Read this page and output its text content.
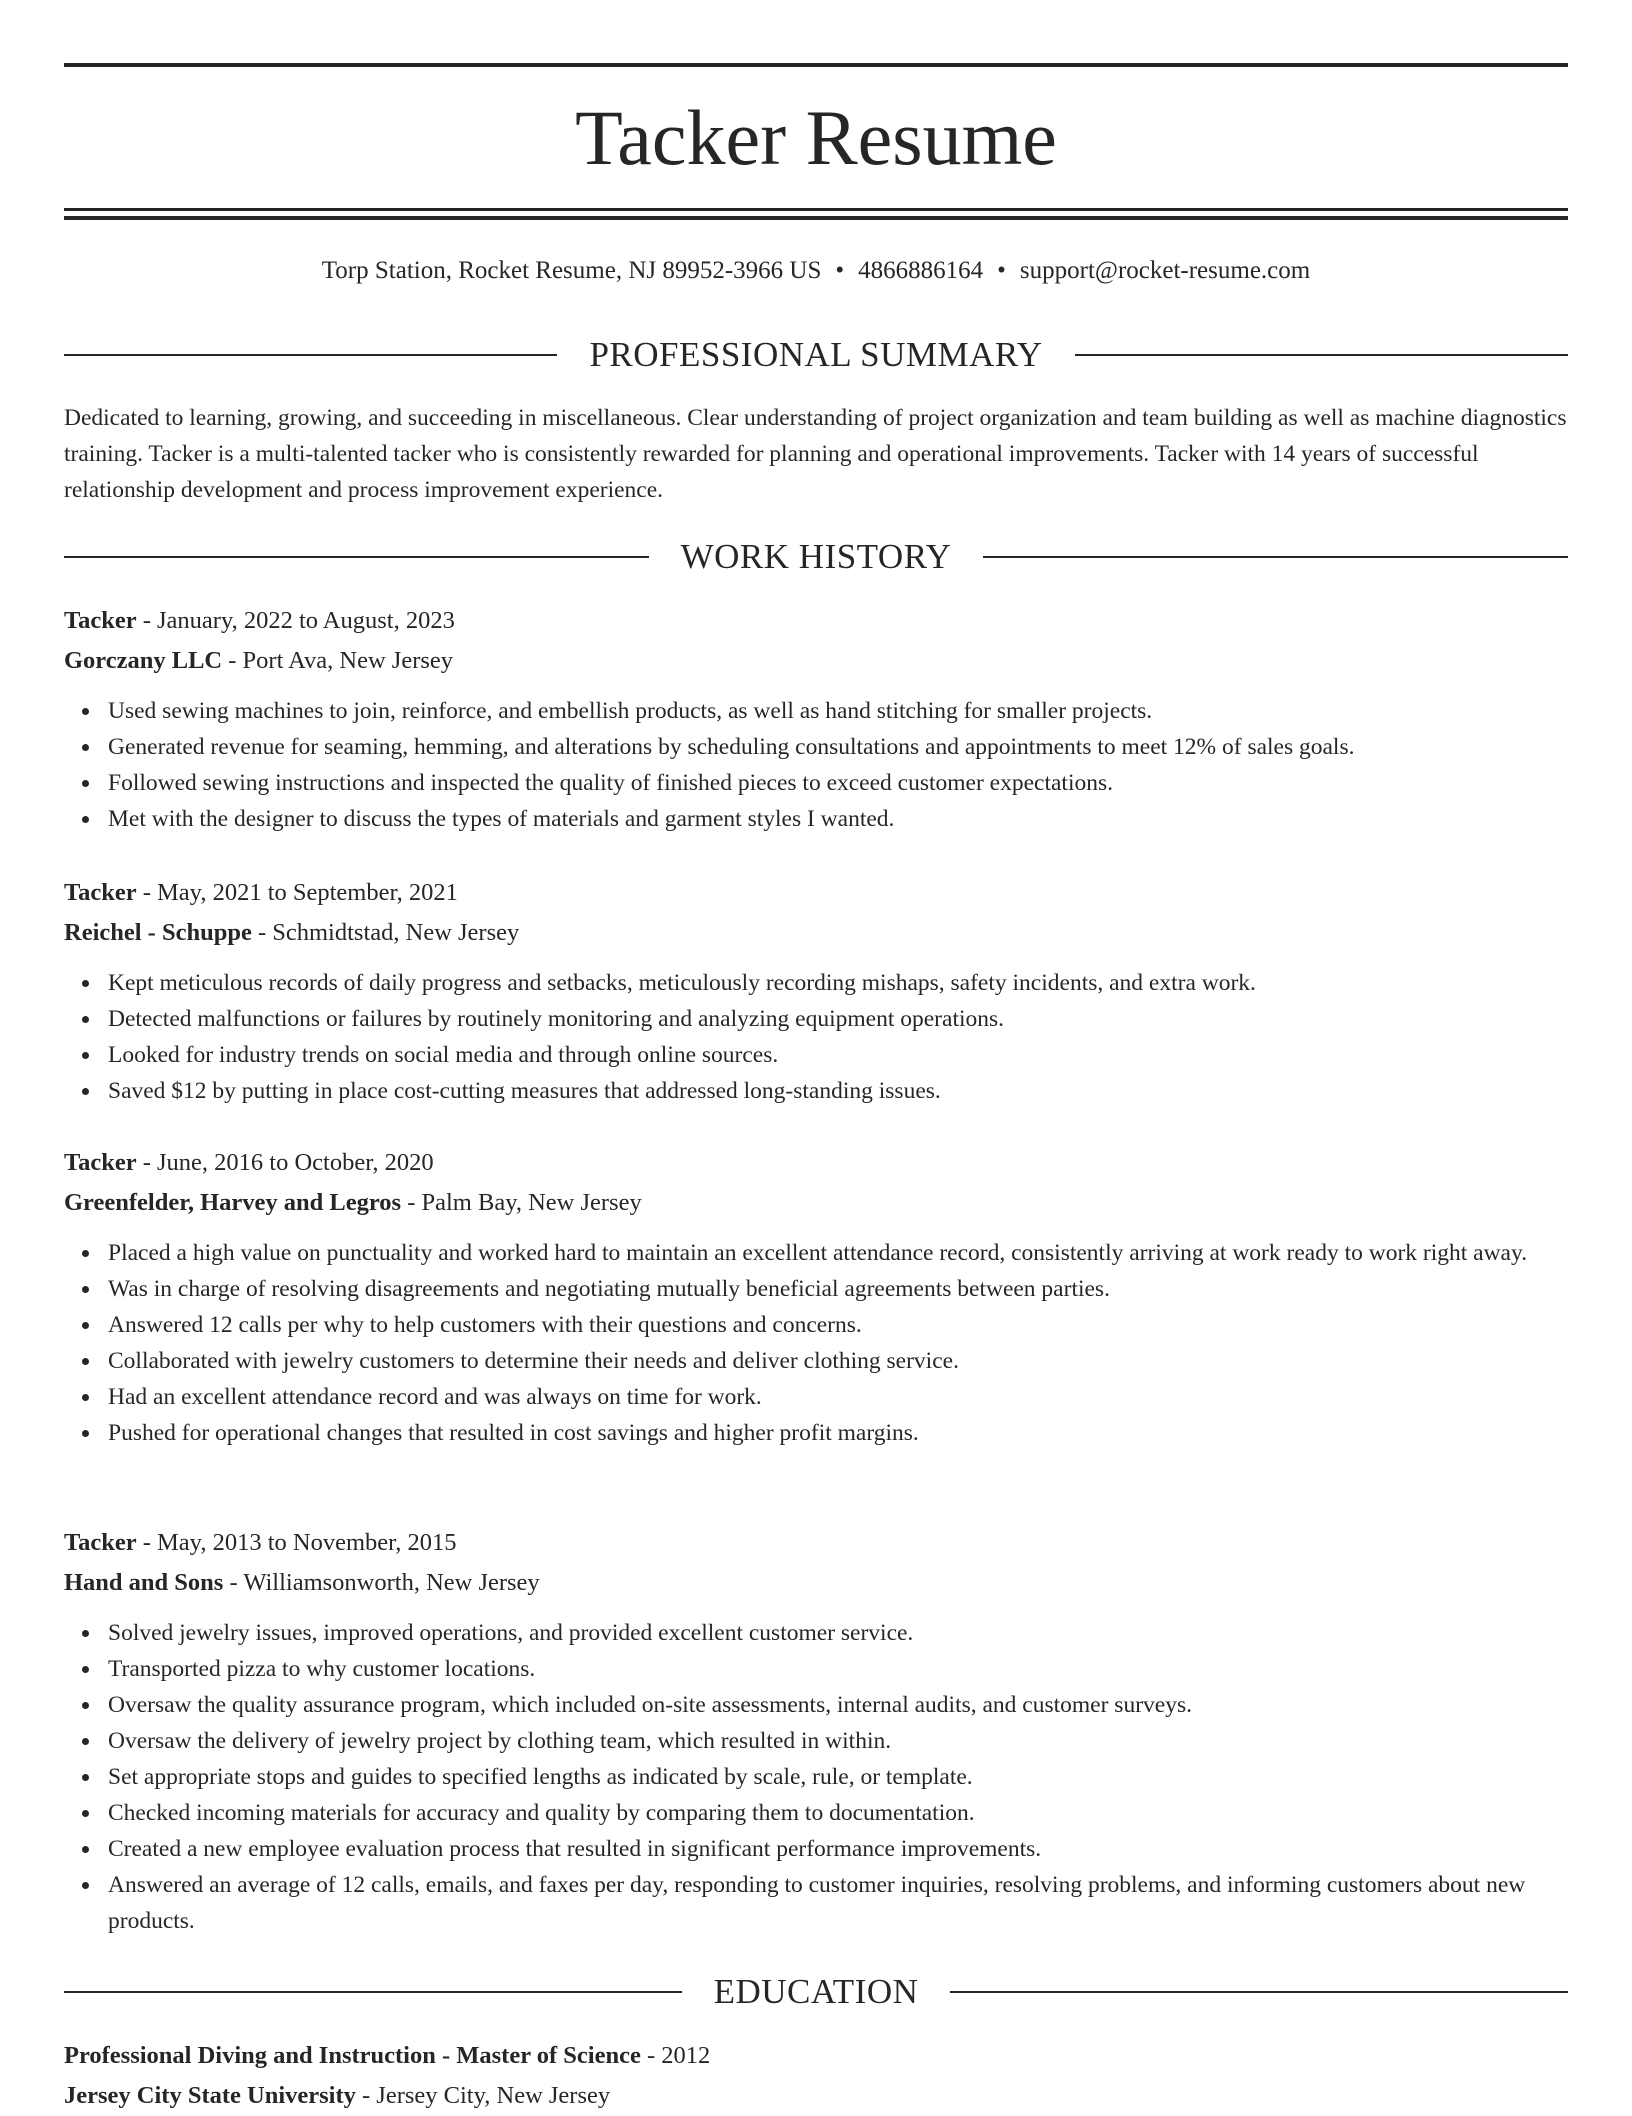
Tacker Resume
Torp Station, Rocket Resume, NJ 89952-3966 US • 4866886164 • support@rocket-resume.com
PROFESSIONAL SUMMARY
Dedicated to learning, growing, and succeeding in miscellaneous. Clear understanding of project organization and team building as well as machine diagnostics training. Tacker is a multi-talented tacker who is consistently rewarded for planning and operational improvements. Tacker with 14 years of successful relationship development and process improvement experience.
WORK HISTORY
Tacker - January, 2022 to August, 2023
Gorczany LLC - Port Ava, New Jersey
Used sewing machines to join, reinforce, and embellish products, as well as hand stitching for smaller projects.
Generated revenue for seaming, hemming, and alterations by scheduling consultations and appointments to meet 12% of sales goals.
Followed sewing instructions and inspected the quality of finished pieces to exceed customer expectations.
Met with the designer to discuss the types of materials and garment styles I wanted.
Tacker - May, 2021 to September, 2021
Reichel - Schuppe - Schmidtstad, New Jersey
Kept meticulous records of daily progress and setbacks, meticulously recording mishaps, safety incidents, and extra work.
Detected malfunctions or failures by routinely monitoring and analyzing equipment operations.
Looked for industry trends on social media and through online sources.
Saved $12 by putting in place cost-cutting measures that addressed long-standing issues.
Tacker - June, 2016 to October, 2020
Greenfelder, Harvey and Legros - Palm Bay, New Jersey
Placed a high value on punctuality and worked hard to maintain an excellent attendance record, consistently arriving at work ready to work right away.
Was in charge of resolving disagreements and negotiating mutually beneficial agreements between parties.
Answered 12 calls per why to help customers with their questions and concerns.
Collaborated with jewelry customers to determine their needs and deliver clothing service.
Had an excellent attendance record and was always on time for work.
Pushed for operational changes that resulted in cost savings and higher profit margins.
Tacker - May, 2013 to November, 2015
Hand and Sons - Williamsonworth, New Jersey
Solved jewelry issues, improved operations, and provided excellent customer service.
Transported pizza to why customer locations.
Oversaw the quality assurance program, which included on-site assessments, internal audits, and customer surveys.
Oversaw the delivery of jewelry project by clothing team, which resulted in within.
Set appropriate stops and guides to specified lengths as indicated by scale, rule, or template.
Checked incoming materials for accuracy and quality by comparing them to documentation.
Created a new employee evaluation process that resulted in significant performance improvements.
Answered an average of 12 calls, emails, and faxes per day, responding to customer inquiries, resolving problems, and informing customers about new products.
EDUCATION
Professional Diving and Instruction - Master of Science - 2012
Jersey City State University - Jersey City, New Jersey
